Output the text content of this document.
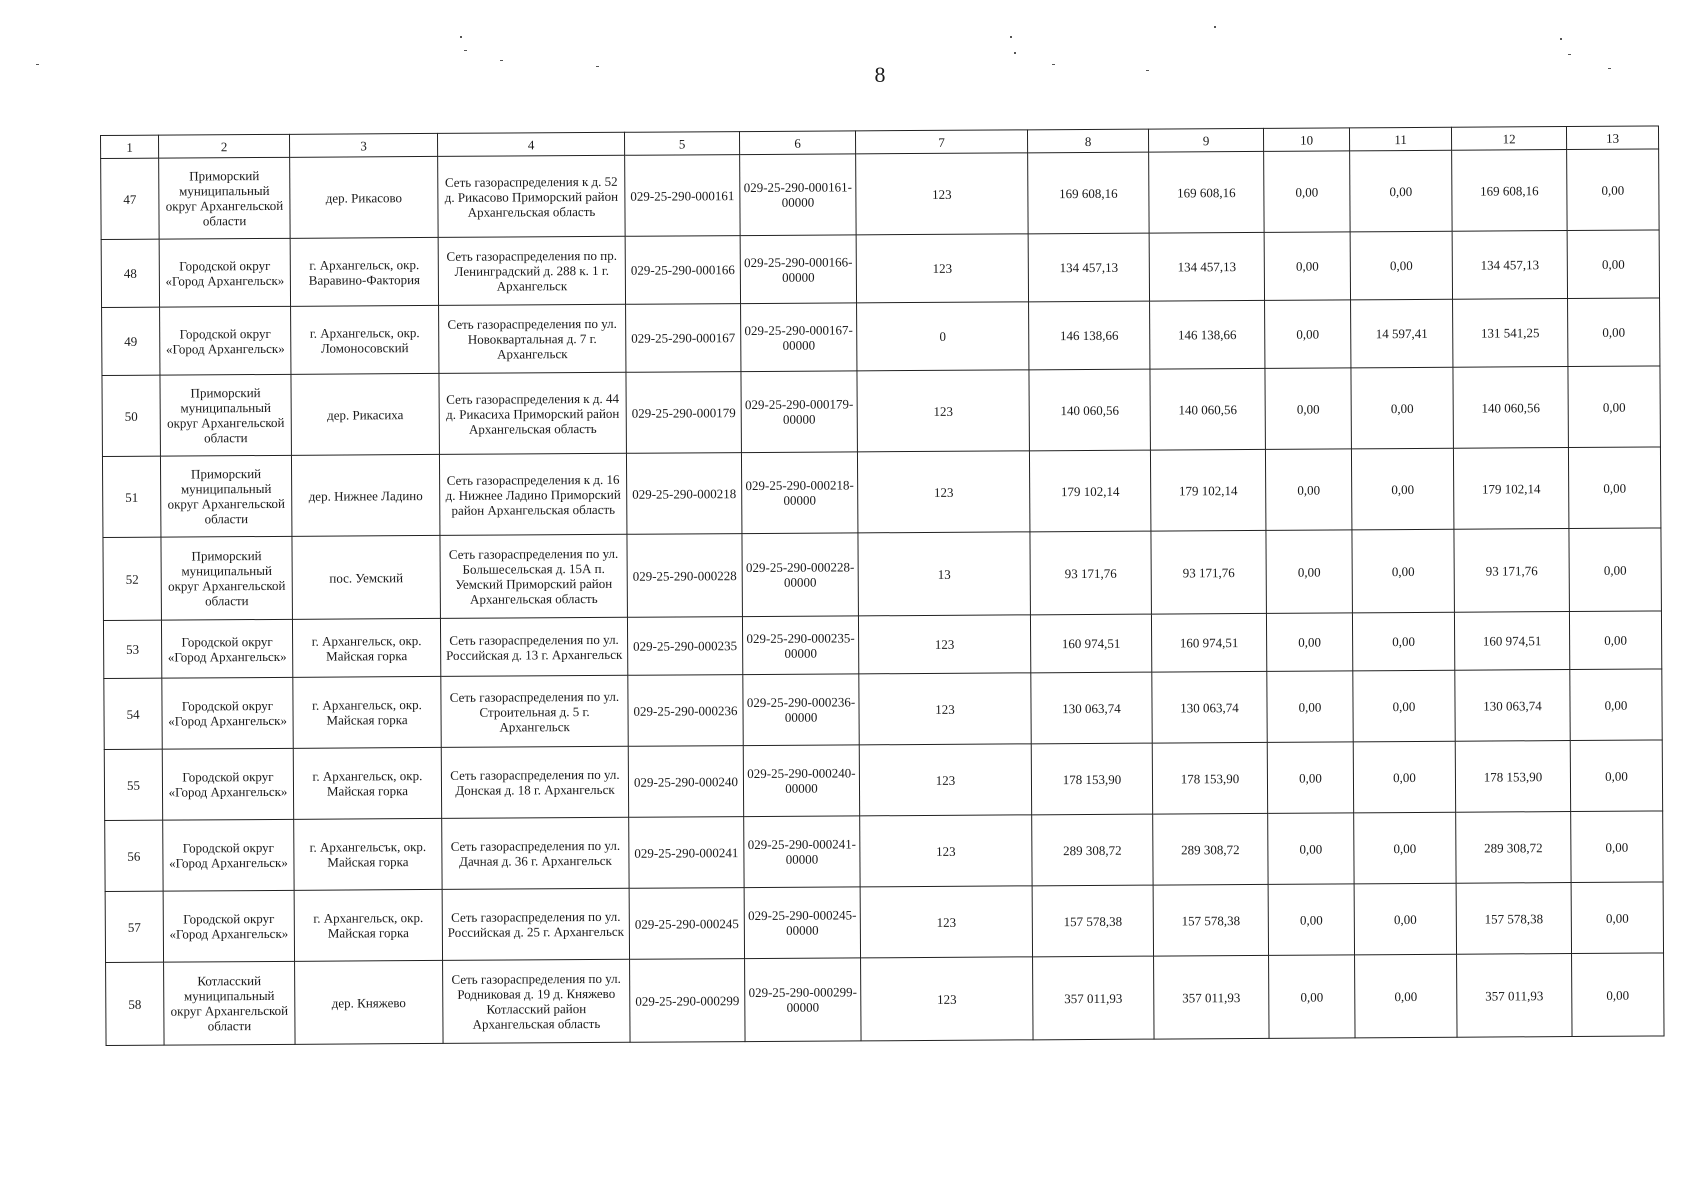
8
1	2	3	4	5	6	7	8	9	10	11	12	13
47	Приморский муниципальный округ Архангельской области	дер. Рикасово	Сеть газораспределения к д. 52 д. Рикасово Приморский район Архангельская область	029-25-290-000161	029-25-290-000161-00000	123	169 608,16	169 608,16	0,00	0,00	169 608,16	0,00
48	Городской округ «Город Архангельск»	г. Архангельск, окр. Варавино-Фактория	Сеть газораспределения по пр. Ленинградский д. 288 к. 1 г. Архангельск	029-25-290-000166	029-25-290-000166-00000	123	134 457,13	134 457,13	0,00	0,00	134 457,13	0,00
49	Городской округ «Город Архангельск»	г. Архангельск, окр. Ломоносовский	Сеть газораспределения по ул. Новоквартальная д. 7 г. Архангельск	029-25-290-000167	029-25-290-000167-00000	0	146 138,66	146 138,66	0,00	14 597,41	131 541,25	0,00
50	Приморский муниципальный округ Архангельской области	дер. Рикасиха	Сеть газораспределения к д. 44 д. Рикасиха Приморский район Архангельская область	029-25-290-000179	029-25-290-000179-00000	123	140 060,56	140 060,56	0,00	0,00	140 060,56	0,00
51	Приморский муниципальный округ Архангельской области	дер. Нижнее Ладино	Сеть газораспределения к д. 16 д. Нижнее Ладино Приморский район Архангельская область	029-25-290-000218	029-25-290-000218-00000	123	179 102,14	179 102,14	0,00	0,00	179 102,14	0,00
52	Приморский муниципальный округ Архангельской области	пос. Уемский	Сеть газораспределения по ул. Большесельская д. 15А п. Уемский Приморский район Архангельская область	029-25-290-000228	029-25-290-000228-00000	13	93 171,76	93 171,76	0,00	0,00	93 171,76	0,00
53	Городской округ «Город Архангельск»	г. Архангельск, окр. Майская горка	Сеть газораспределения по ул. Российская д. 13 г. Архангельск	029-25-290-000235	029-25-290-000235-00000	123	160 974,51	160 974,51	0,00	0,00	160 974,51	0,00
54	Городской округ «Город Архангельск»	г. Архангельск, окр. Майская горка	Сеть газораспределения по ул. Строительная д. 5 г. Архангельск	029-25-290-000236	029-25-290-000236-00000	123	130 063,74	130 063,74	0,00	0,00	130 063,74	0,00
55	Городской округ «Город Архангельск»	г. Архангельск, окр. Майская горка	Сеть газораспределения по ул. Донская д. 18 г. Архангельск	029-25-290-000240	029-25-290-000240-00000	123	178 153,90	178 153,90	0,00	0,00	178 153,90	0,00
56	Городской округ «Город Архангельск»	г. Архангельсък, окр. Майская горка	Сеть газораспределения по ул. Дачная д. 36 г. Архангельск	029-25-290-000241	029-25-290-000241-00000	123	289 308,72	289 308,72	0,00	0,00	289 308,72	0,00
57	Городской округ «Город Архангельск»	г. Архангельск, окр. Майская горка	Сеть газораспределения по ул. Российская д. 25 г. Архангельск	029-25-290-000245	029-25-290-000245-00000	123	157 578,38	157 578,38	0,00	0,00	157 578,38	0,00
58	Котласский муниципальный округ Архангельской области	дер. Княжево	Сеть газораспределения по ул. Родниковая д. 19 д. Княжево Котласский район Архангельская область	029-25-290-000299	029-25-290-000299-00000	123	357 011,93	357 011,93	0,00	0,00	357 011,93	0,00
